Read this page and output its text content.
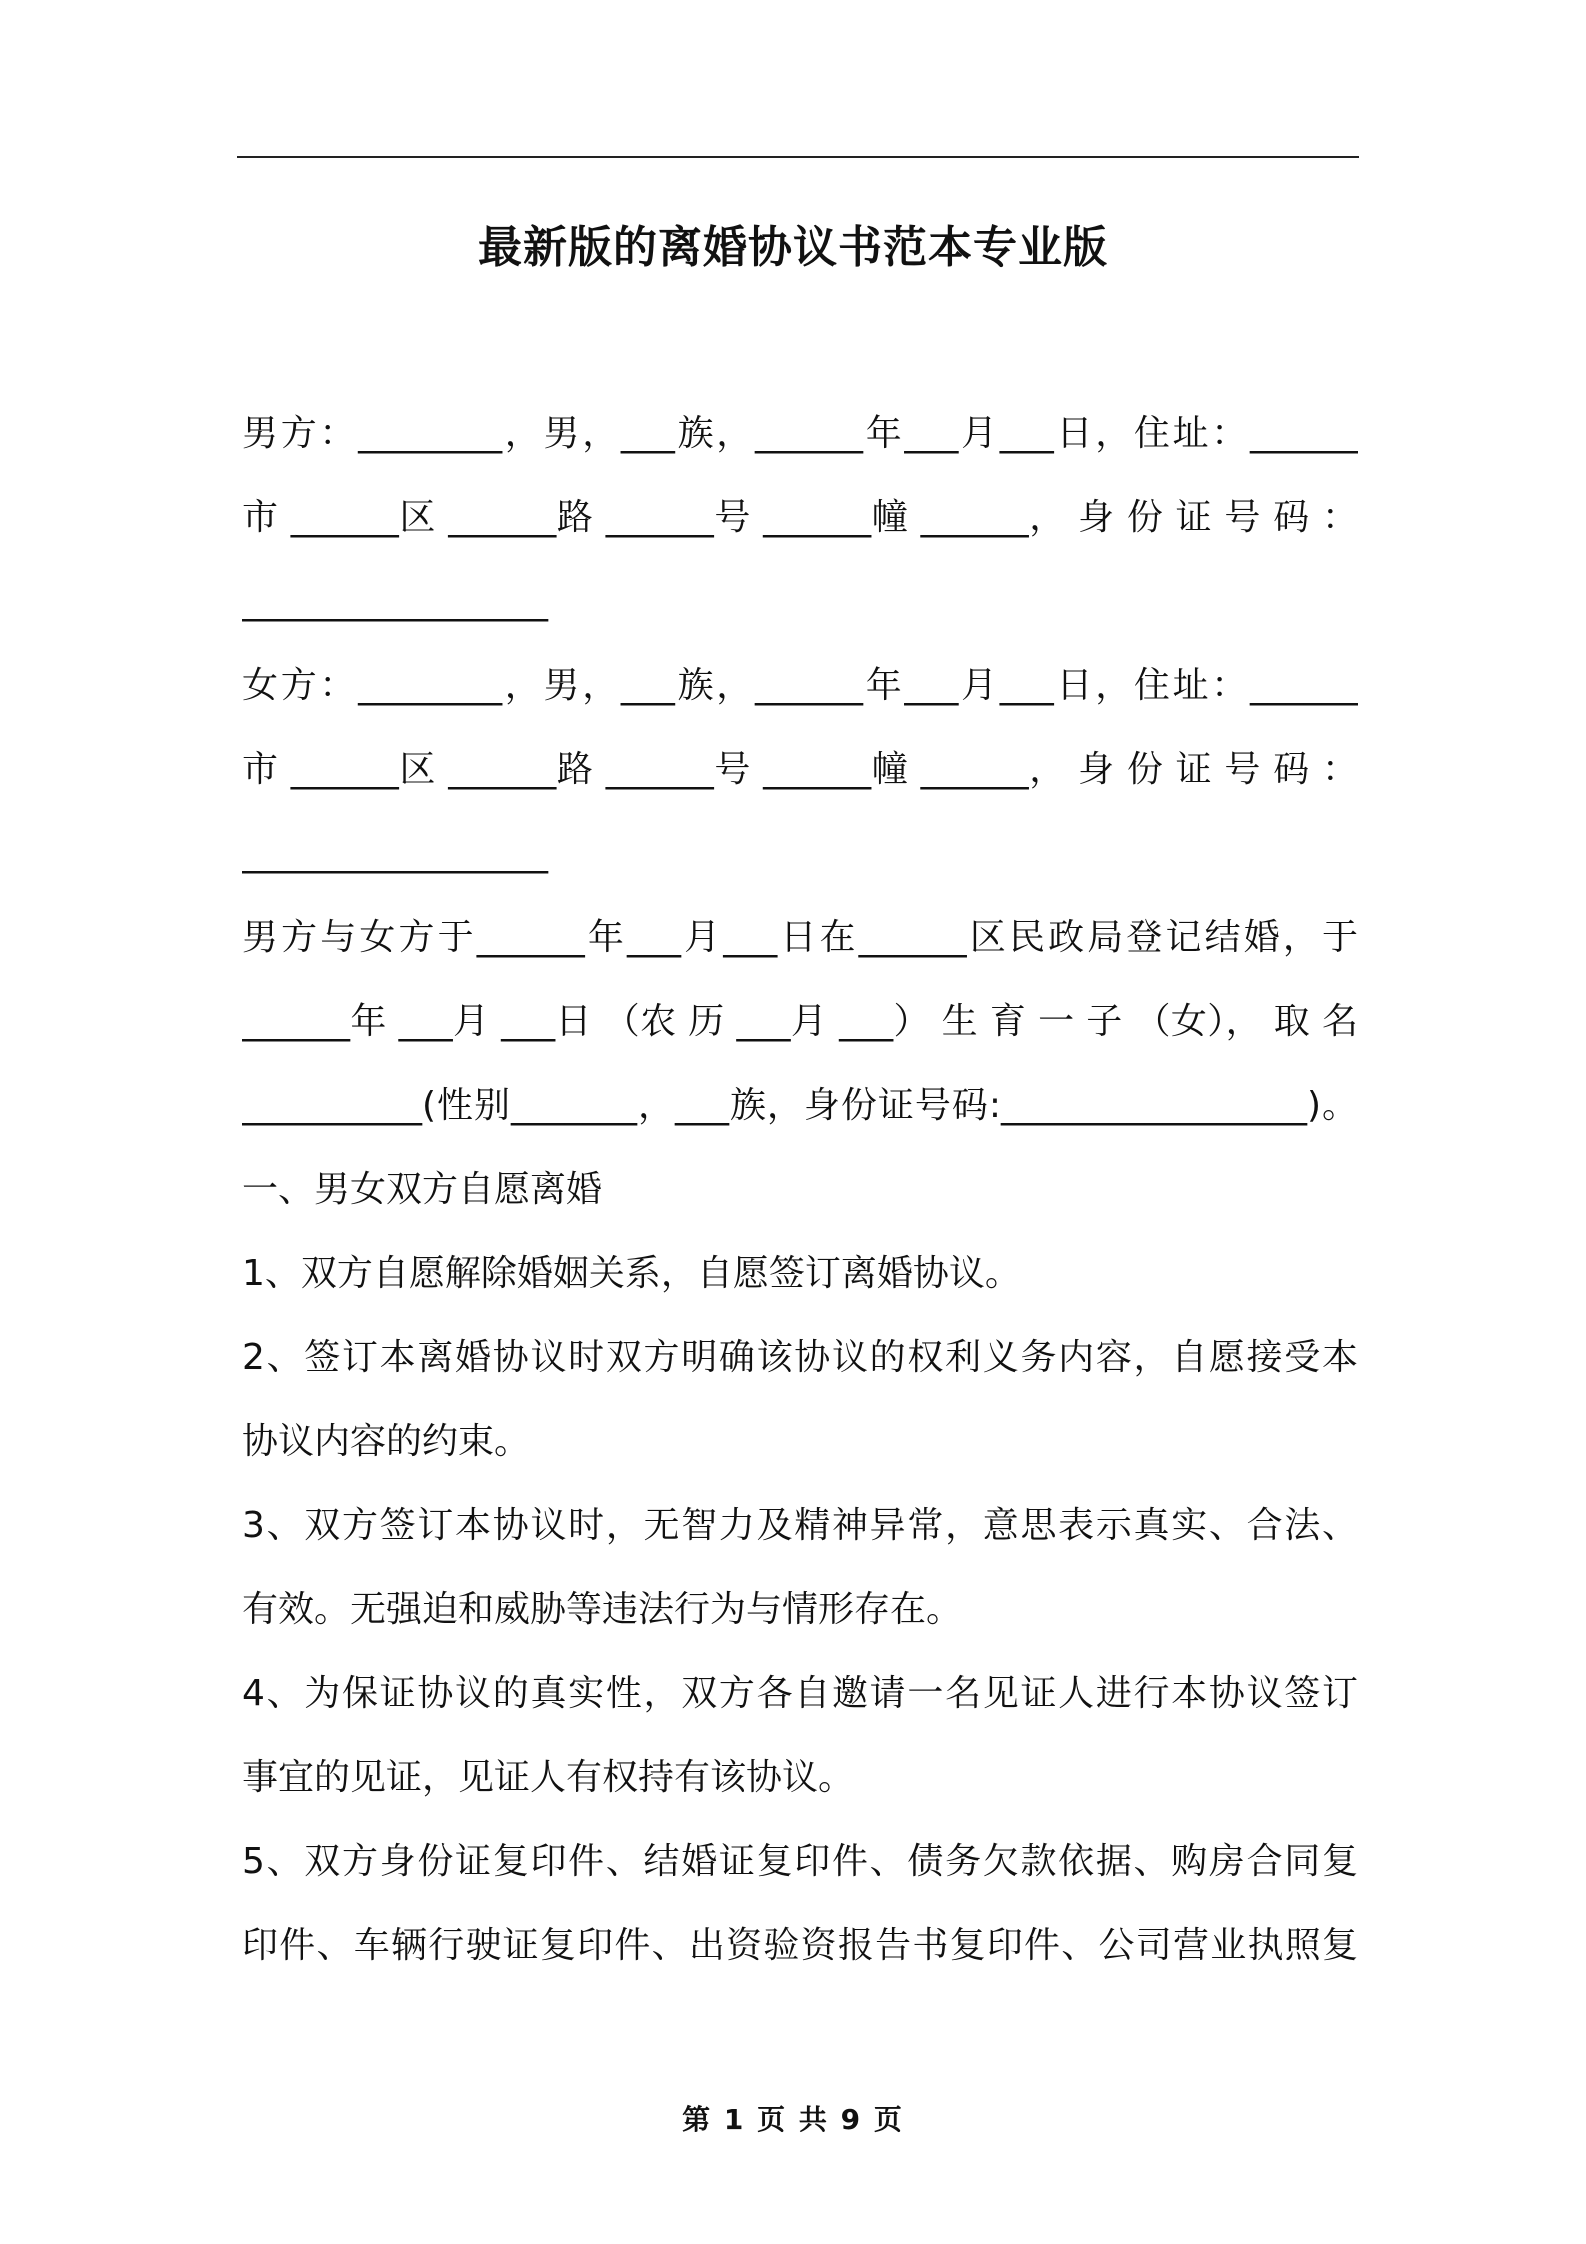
最新版的离婚协议书范本专业版
男方：________，男，___族，______年___月___日，住址：______
市 ______区 ______路 ______号 ______幢 ______， 身 份 证 号 码 ：
_________________
女方：________，男，___族，______年___月___日，住址：______
市 ______区 ______路 ______号 ______幢 ______， 身 份 证 号 码 ：
_________________
男方与女方于______年___月___日在______区民政局登记结婚，于
______年 ___月 ___日 （农 历 ___月 ___） 生 育 一 子 （女）， 取 名
__________(性别_______，___族，身份证号码:_________________)。
一、男女双方自愿离婚
1、双方自愿解除婚姻关系，自愿签订离婚协议。
2、签订本离婚协议时双方明确该协议的权利义务内容，自愿接受本
协议内容的约束。
3、双方签订本协议时，无智力及精神异常，意思表示真实、合法、
有效。无强迫和威胁等违法行为与情形存在。
4、为保证协议的真实性，双方各自邀请一名见证人进行本协议签订
事宜的见证，见证人有权持有该协议。
5、双方身份证复印件、结婚证复印件、债务欠款依据、购房合同复
印件、车辆行驶证复印件、出资验资报告书复印件、公司营业执照复
第 1 页 共 9 页
